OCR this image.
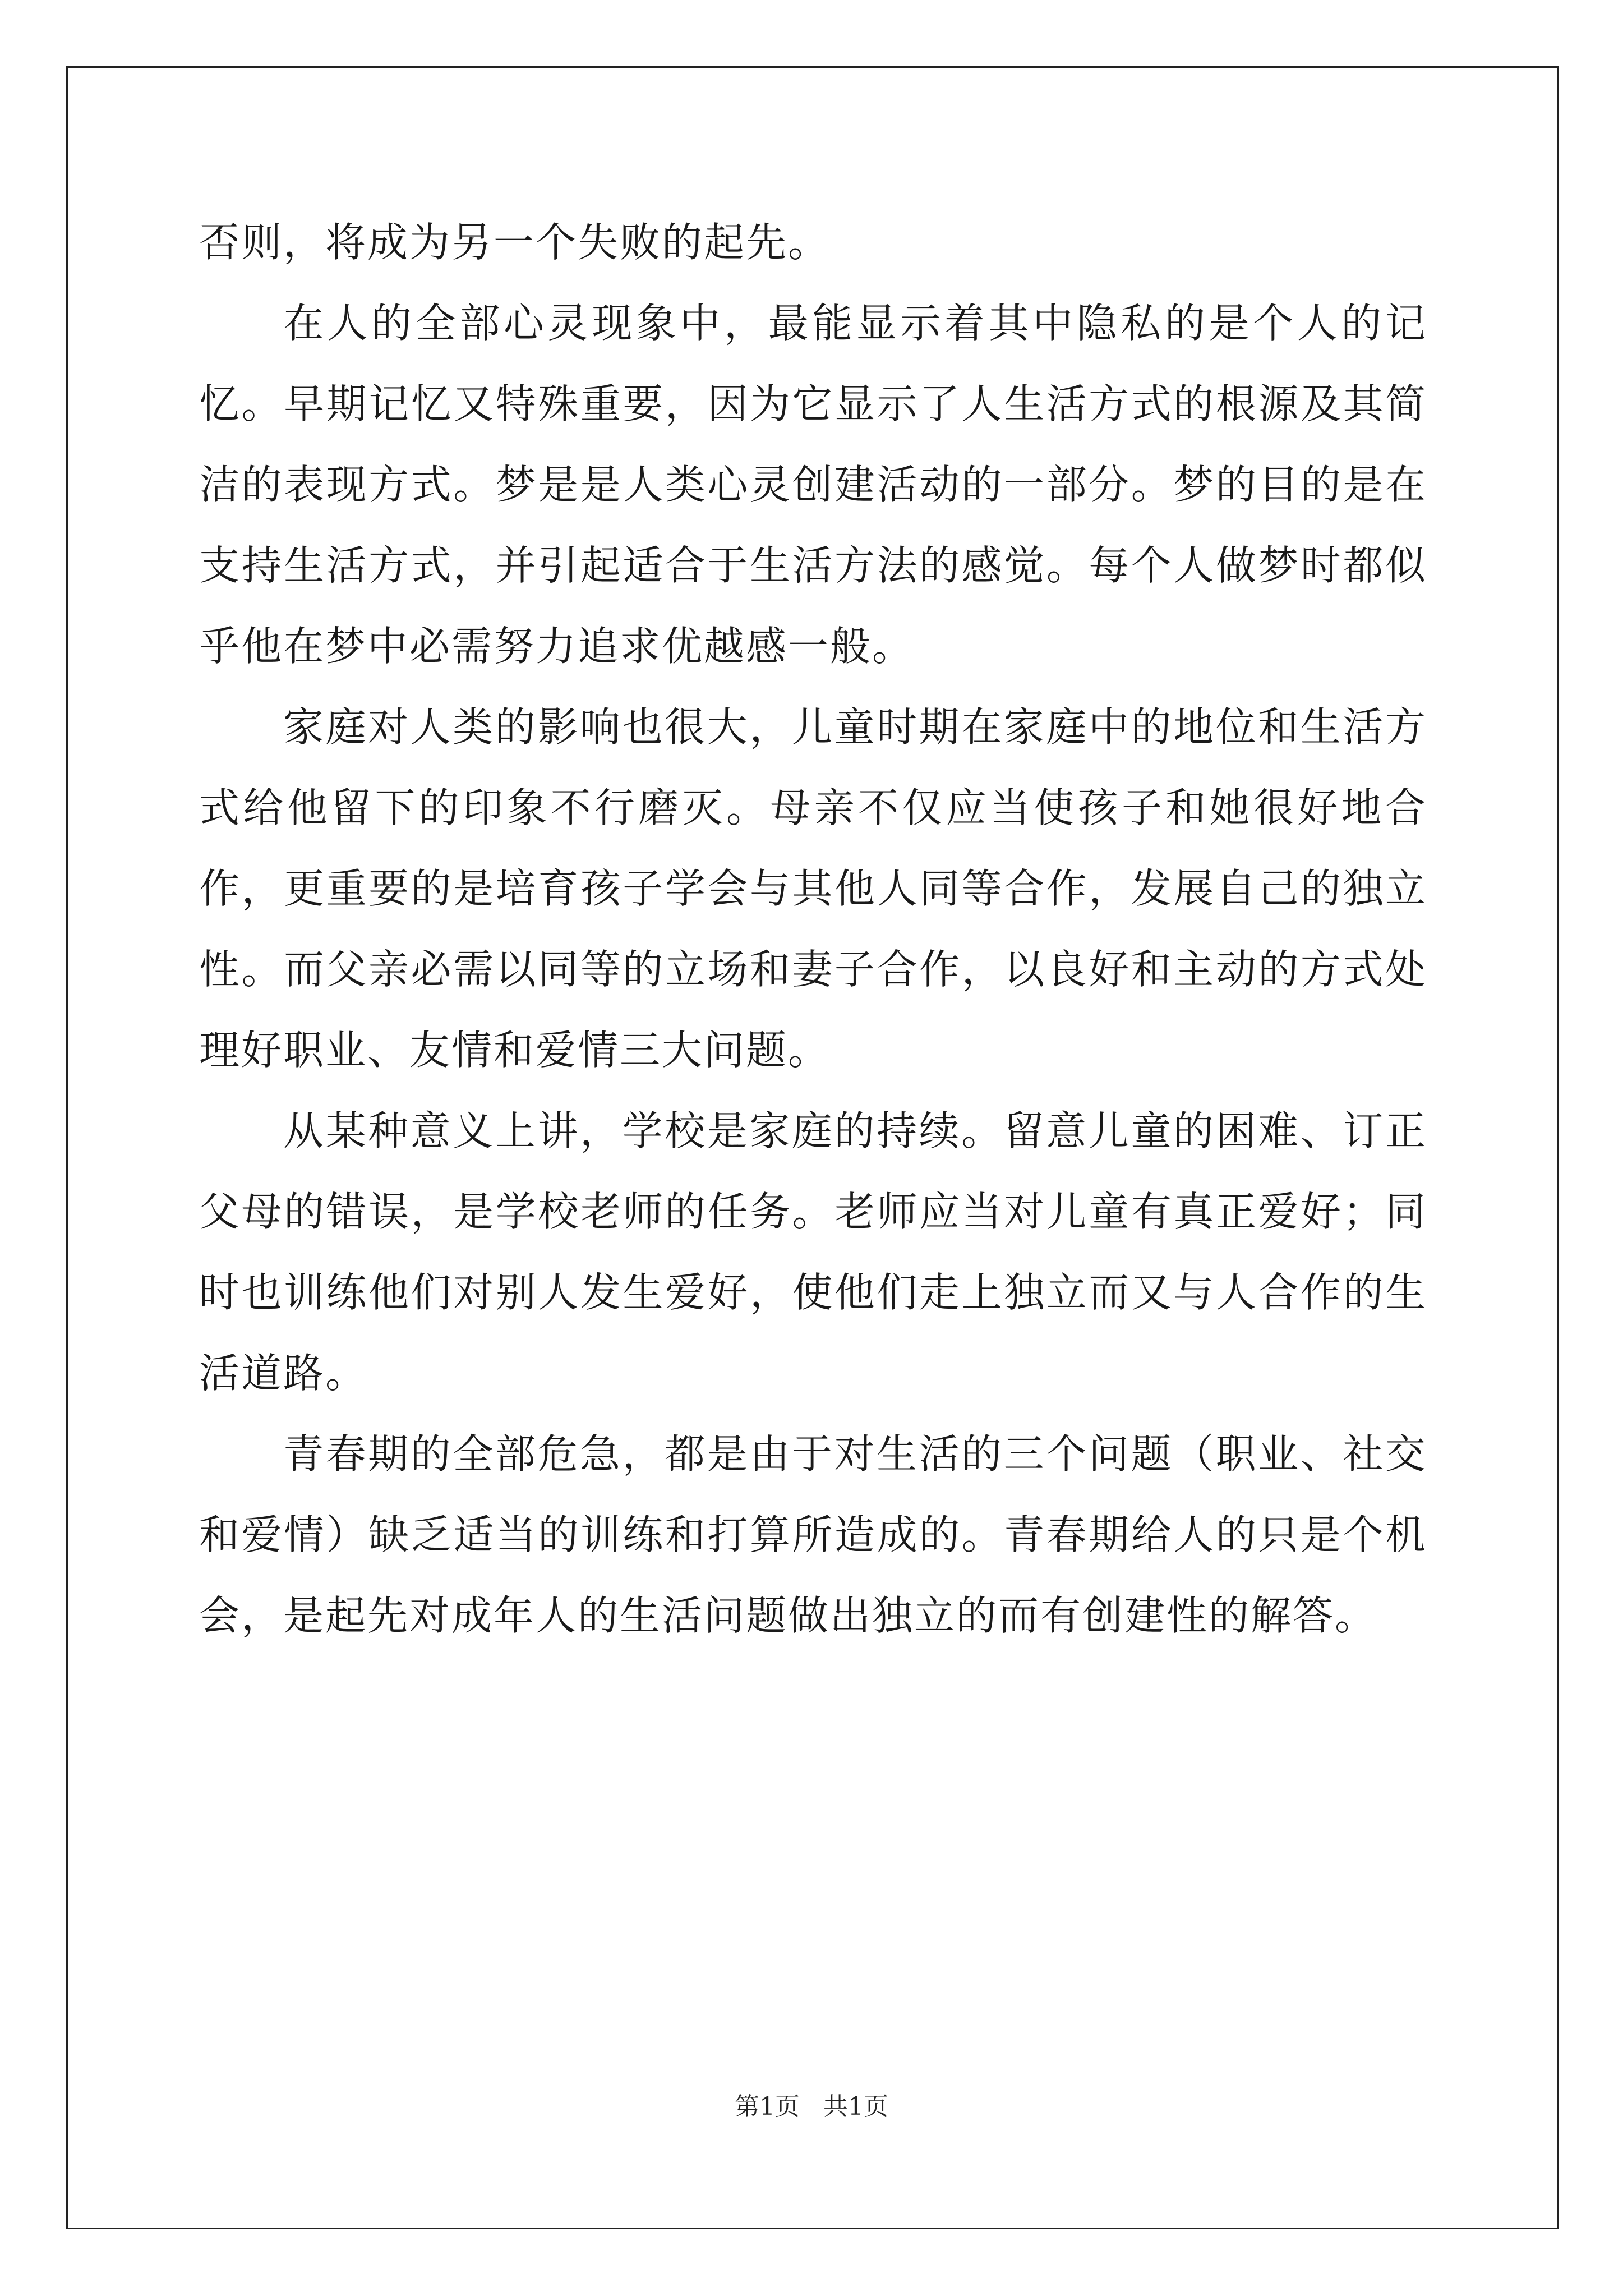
否则，将成为另一个失败的起先。

在人的全部心灵现象中，最能显示着其中隐私的是个人的记忆。早期记忆又特殊重要，因为它显示了人生活方式的根源及其简洁的表现方式。梦是是人类心灵创建活动的一部分。梦的目的是在支持生活方式，并引起适合于生活方法的感觉。每个人做梦时都似乎他在梦中必需努力追求优越感一般。

家庭对人类的影响也很大，儿童时期在家庭中的地位和生活方式给他留下的印象不行磨灭。母亲不仅应当使孩子和她很好地合作，更重要的是培育孩子学会与其他人同等合作，发展自己的独立性。而父亲必需以同等的立场和妻子合作，以良好和主动的方式处理好职业、友情和爱情三大问题。

从某种意义上讲，学校是家庭的持续。留意儿童的困难、订正父母的错误，是学校老师的任务。老师应当对儿童有真正爱好；同时也训练他们对别人发生爱好，使他们走上独立而又与人合作的生活道路。

青春期的全部危急，都是由于对生活的三个问题（职业、社交和爱情）缺乏适当的训练和打算所造成的。青春期给人的只是个机会，是起先对成年人的生活问题做出独立的而有创建性的解答。

第1页 共1页
